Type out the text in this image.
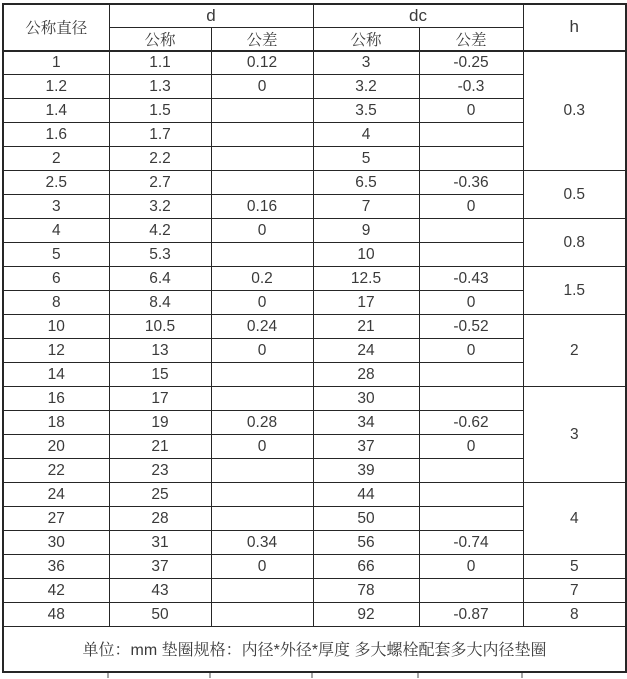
公称直径	d		dc		h
	公称	公差	公称	公差	
1	1.1	0.12	3	-0.25	0.3
1.2	1.3	0	3.2	-0.3	
1.4	1.5		3.5	0	
1.6	1.7		4		
2	2.2		5		
2.5	2.7		6.5	-0.36	0.5
3	3.2	0.16	7	0	
4	4.2	0	9		0.8
5	5.3		10		
6	6.4	0.2	12.5	-0.43	1.5
8	8.4	0	17	0	
10	10.5	0.24	21	-0.52	2
12	13	0	24	0	
14	15		28		
16	17		30		3
18	19	0.28	34	-0.62	
20	21	0	37	0	
22	23		39		
24	25		44		4
27	28		50		
30	31	0.34	56	-0.74	
36	37	0	66	0	5
42	43		78		7
48	50		92	-0.87	8
单位：mm 垫圈规格：内径*外径*厚度 多大螺栓配套多大内径垫圈					
